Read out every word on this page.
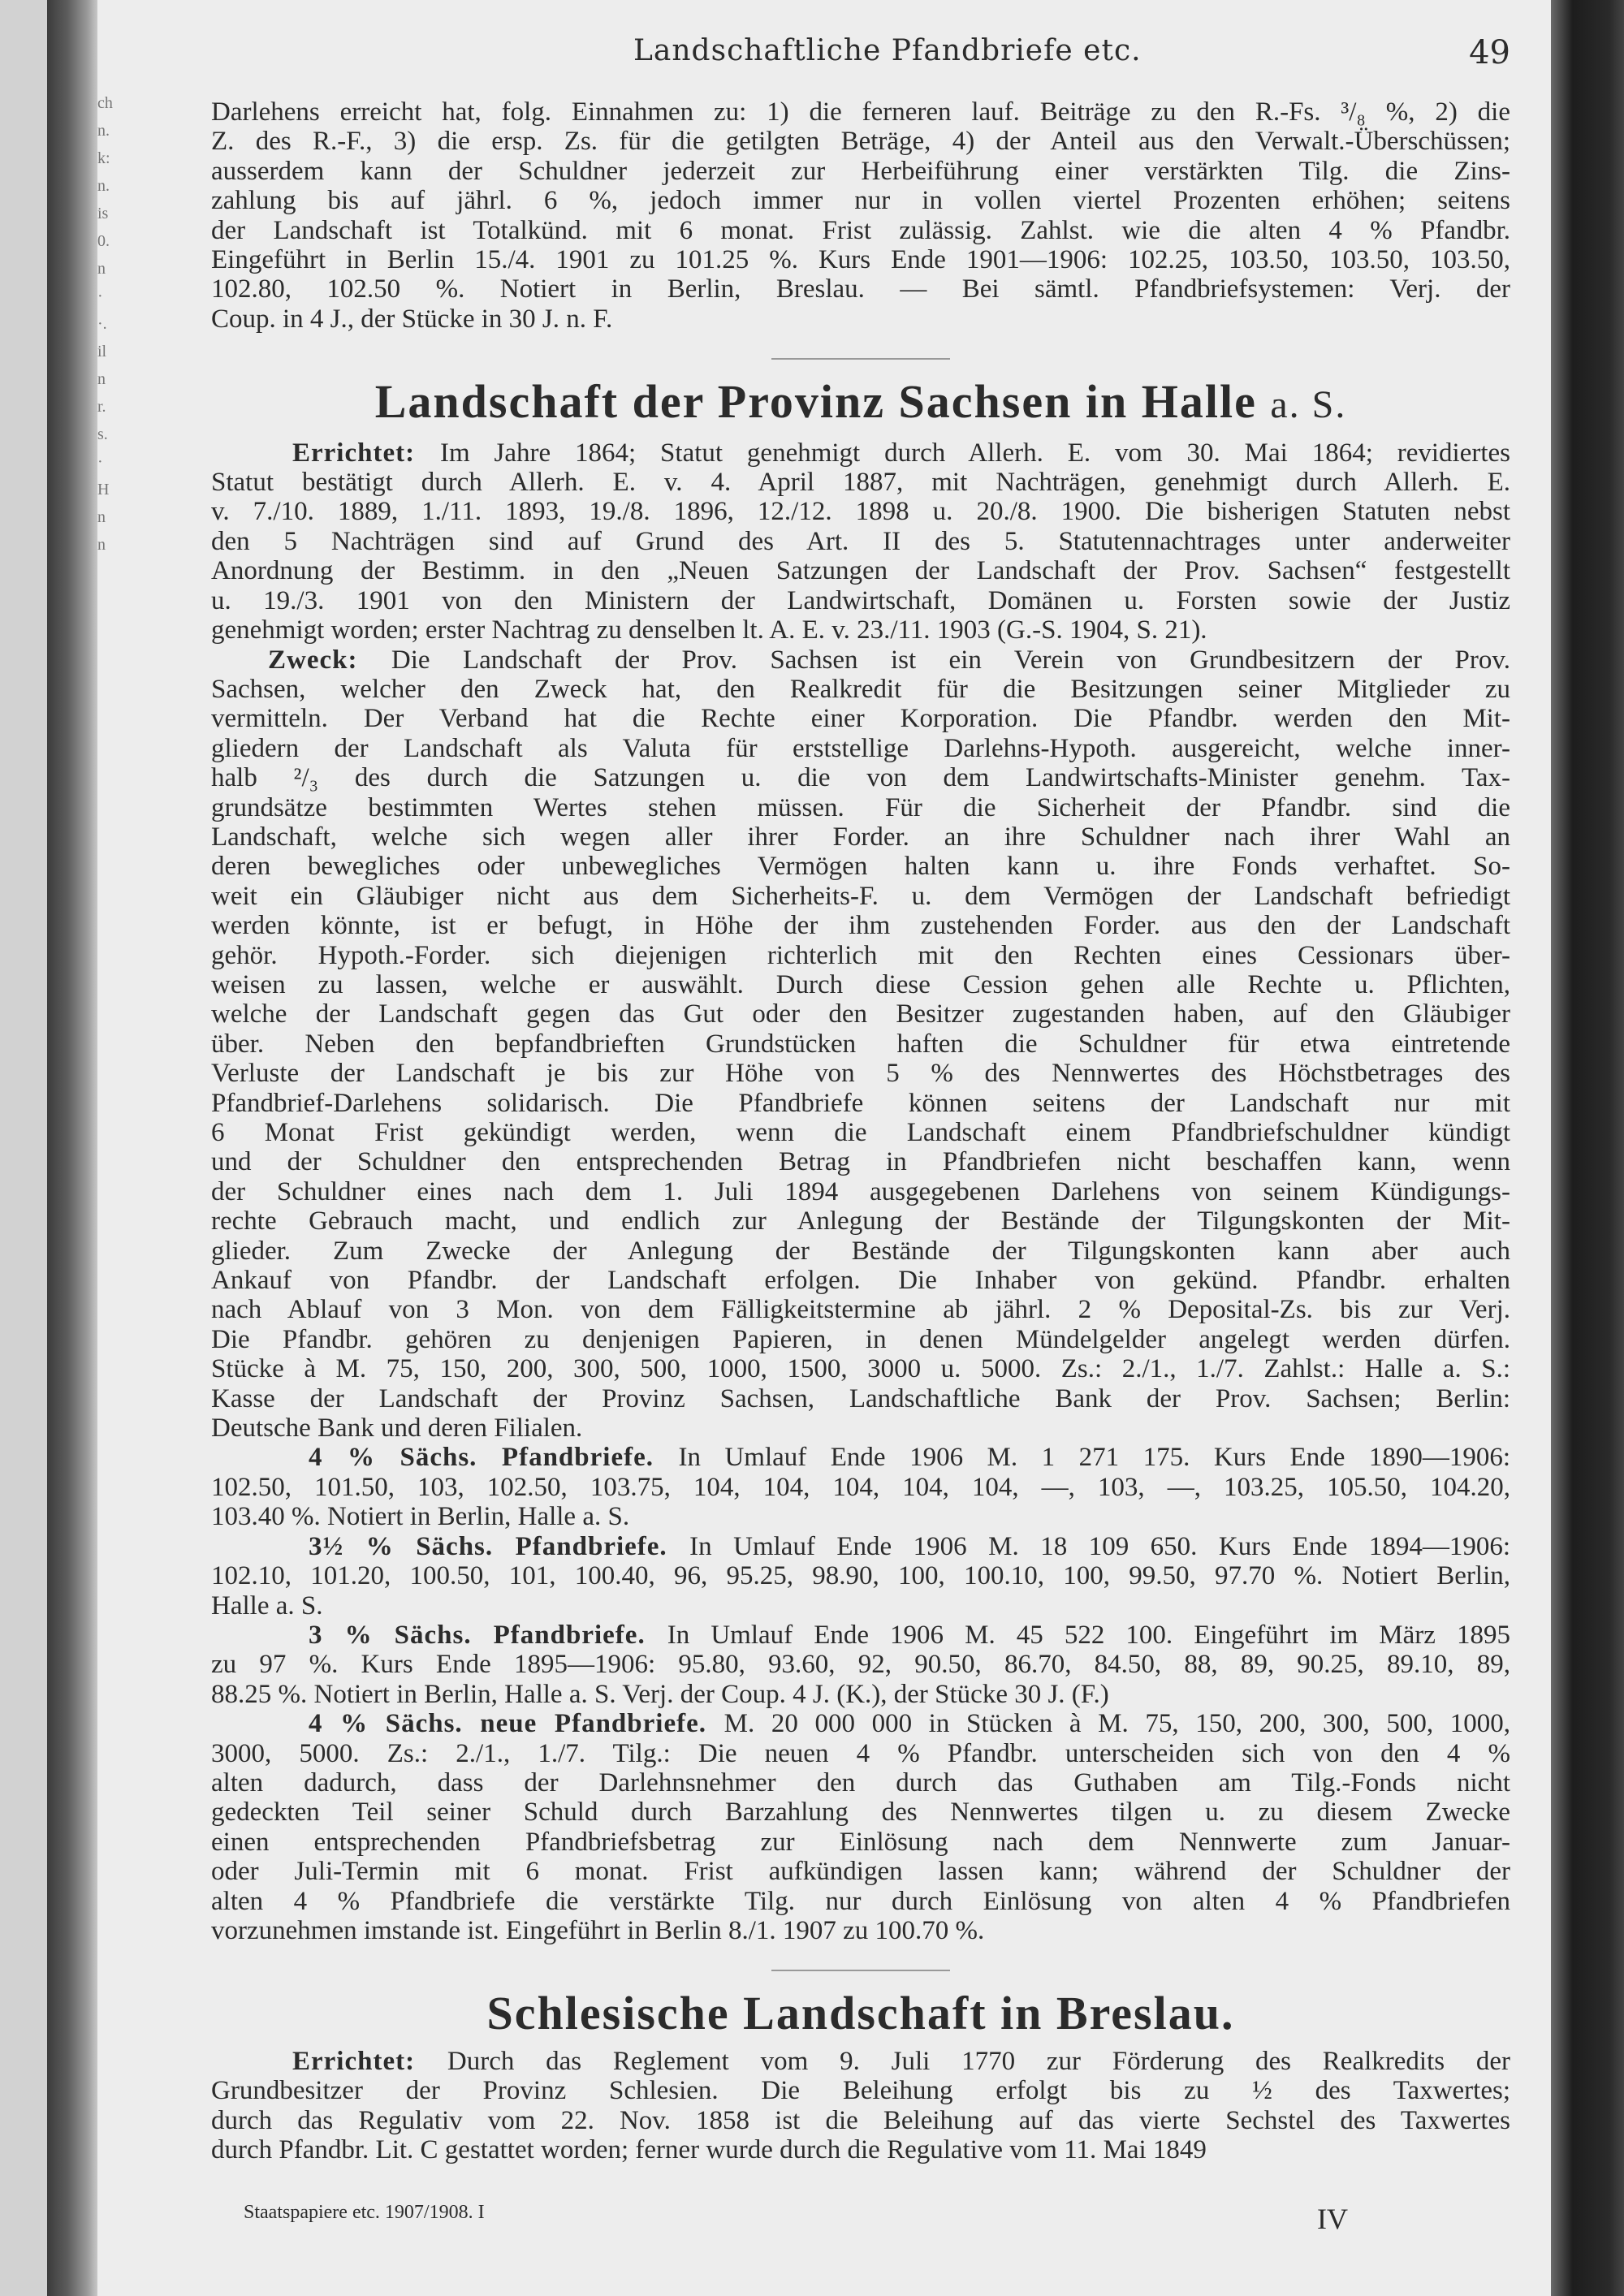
ch
n.
k:
n.
is
0.
n
·
·.
il
n
r.
s.
·
H
n
n
Landschaftliche Pfandbriefe etc.	49
Darlehens erreicht hat, folg. Einnahmen zu: 1) die ferneren lauf. Beiträge zu den R.-Fs. ³/₈ %, 2) die
Z. des R.-F., 3) die ersp. Zs. für die getilgten Beträge, 4) der Anteil aus den Verwalt.-Überschüssen;
ausserdem kann der Schuldner jederzeit zur Herbeiführung einer verstärkten Tilg. die Zins-
zahlung bis auf jährl. 6 %, jedoch immer nur in vollen viertel Prozenten erhöhen; seitens
der Landschaft ist Totalkünd. mit 6 monat. Frist zulässig. Zahlst. wie die alten 4 % Pfandbr.
Eingeführt in Berlin 15./4. 1901 zu 101.25 %. Kurs Ende 1901—1906: 102.25, 103.50, 103.50, 103.50,
102.80, 102.50 %. Notiert in Berlin, Breslau. — Bei sämtl. Pfandbriefsystemen: Verj. der
Coup. in 4 J., der Stücke in 30 J. n. F.
Landschaft der Provinz Sachsen in Halle a. S.
Errichtet: Im Jahre 1864; Statut genehmigt durch Allerh. E. vom 30. Mai 1864; revidiertes
Statut bestätigt durch Allerh. E. v. 4. April 1887, mit Nachträgen, genehmigt durch Allerh. E.
v. 7./10. 1889, 1./11. 1893, 19./8. 1896, 12./12. 1898 u. 20./8. 1900. Die bisherigen Statuten nebst
den 5 Nachträgen sind auf Grund des Art. II des 5. Statutennachtrages unter anderweiter
Anordnung der Bestimm. in den „Neuen Satzungen der Landschaft der Prov. Sachsen“ festgestellt
u. 19./3. 1901 von den Ministern der Landwirtschaft, Domänen u. Forsten sowie der Justiz
genehmigt worden; erster Nachtrag zu denselben lt. A. E. v. 23./11. 1903 (G.-S. 1904, S. 21).
Zweck: Die Landschaft der Prov. Sachsen ist ein Verein von Grundbesitzern der Prov.
Sachsen, welcher den Zweck hat, den Realkredit für die Besitzungen seiner Mitglieder zu
vermitteln. Der Verband hat die Rechte einer Korporation. Die Pfandbr. werden den Mit-
gliedern der Landschaft als Valuta für erststellige Darlehns-Hypoth. ausgereicht, welche inner-
halb ²/₃ des durch die Satzungen u. die von dem Landwirtschafts-Minister genehm. Tax-
grundsätze bestimmten Wertes stehen müssen. Für die Sicherheit der Pfandbr. sind die
Landschaft, welche sich wegen aller ihrer Forder. an ihre Schuldner nach ihrer Wahl an
deren bewegliches oder unbewegliches Vermögen halten kann u. ihre Fonds verhaftet. So-
weit ein Gläubiger nicht aus dem Sicherheits-F. u. dem Vermögen der Landschaft befriedigt
werden könnte, ist er befugt, in Höhe der ihm zustehenden Forder. aus den der Landschaft
gehör. Hypoth.-Forder. sich diejenigen richterlich mit den Rechten eines Cessionars über-
weisen zu lassen, welche er auswählt. Durch diese Cession gehen alle Rechte u. Pflichten,
welche der Landschaft gegen das Gut oder den Besitzer zugestanden haben, auf den Gläubiger
über. Neben den bepfandbrieften Grundstücken haften die Schuldner für etwa eintretende
Verluste der Landschaft je bis zur Höhe von 5 % des Nennwertes des Höchstbetrages des
Pfandbrief-Darlehens solidarisch. Die Pfandbriefe können seitens der Landschaft nur mit
6 Monat Frist gekündigt werden, wenn die Landschaft einem Pfandbriefschuldner kündigt
und der Schuldner den entsprechenden Betrag in Pfandbriefen nicht beschaffen kann, wenn
der Schuldner eines nach dem 1. Juli 1894 ausgegebenen Darlehens von seinem Kündigungs-
rechte Gebrauch macht, und endlich zur Anlegung der Bestände der Tilgungskonten der Mit-
glieder. Zum Zwecke der Anlegung der Bestände der Tilgungskonten kann aber auch
Ankauf von Pfandbr. der Landschaft erfolgen. Die Inhaber von gekünd. Pfandbr. erhalten
nach Ablauf von 3 Mon. von dem Fälligkeitstermine ab jährl. 2 % Deposital-Zs. bis zur Verj.
Die Pfandbr. gehören zu denjenigen Papieren, in denen Mündelgelder angelegt werden dürfen.
Stücke à M. 75, 150, 200, 300, 500, 1000, 1500, 3000 u. 5000. Zs.: 2./1., 1./7. Zahlst.: Halle a. S.:
Kasse der Landschaft der Provinz Sachsen, Landschaftliche Bank der Prov. Sachsen; Berlin:
Deutsche Bank und deren Filialen.
4 % Sächs. Pfandbriefe. In Umlauf Ende 1906 M. 1 271 175. Kurs Ende 1890—1906:
102.50, 101.50, 103, 102.50, 103.75, 104, 104, 104, 104, 104, —, 103, —, 103.25, 105.50, 104.20,
103.40 %. Notiert in Berlin, Halle a. S.
3½ % Sächs. Pfandbriefe. In Umlauf Ende 1906 M. 18 109 650. Kurs Ende 1894—1906:
102.10, 101.20, 100.50, 101, 100.40, 96, 95.25, 98.90, 100, 100.10, 100, 99.50, 97.70 %. Notiert Berlin,
Halle a. S.
3 % Sächs. Pfandbriefe. In Umlauf Ende 1906 M. 45 522 100. Eingeführt im März 1895
zu 97 %. Kurs Ende 1895—1906: 95.80, 93.60, 92, 90.50, 86.70, 84.50, 88, 89, 90.25, 89.10, 89,
88.25 %. Notiert in Berlin, Halle a. S. Verj. der Coup. 4 J. (K.), der Stücke 30 J. (F.)
4 % Sächs. neue Pfandbriefe. M. 20 000 000 in Stücken à M. 75, 150, 200, 300, 500, 1000,
3000, 5000. Zs.: 2./1., 1./7. Tilg.: Die neuen 4 % Pfandbr. unterscheiden sich von den 4 %
alten dadurch, dass der Darlehnsnehmer den durch das Guthaben am Tilg.-Fonds nicht
gedeckten Teil seiner Schuld durch Barzahlung des Nennwertes tilgen u. zu diesem Zwecke
einen entsprechenden Pfandbriefsbetrag zur Einlösung nach dem Nennwerte zum Januar-
oder Juli-Termin mit 6 monat. Frist aufkündigen lassen kann; während der Schuldner der
alten 4 % Pfandbriefe die verstärkte Tilg. nur durch Einlösung von alten 4 % Pfandbriefen
vorzunehmen imstande ist. Eingeführt in Berlin 8./1. 1907 zu 100.70 %.
Schlesische Landschaft in Breslau.
Errichtet: Durch das Reglement vom 9. Juli 1770 zur Förderung des Realkredits der
Grundbesitzer der Provinz Schlesien. Die Beleihung erfolgt bis zu ½ des Taxwertes;
durch das Regulativ vom 22. Nov. 1858 ist die Beleihung auf das vierte Sechstel des Taxwertes
durch Pfandbr. Lit. C gestattet worden; ferner wurde durch die Regulative vom 11. Mai 1849
Staatspapiere etc. 1907/1908. I	IV
